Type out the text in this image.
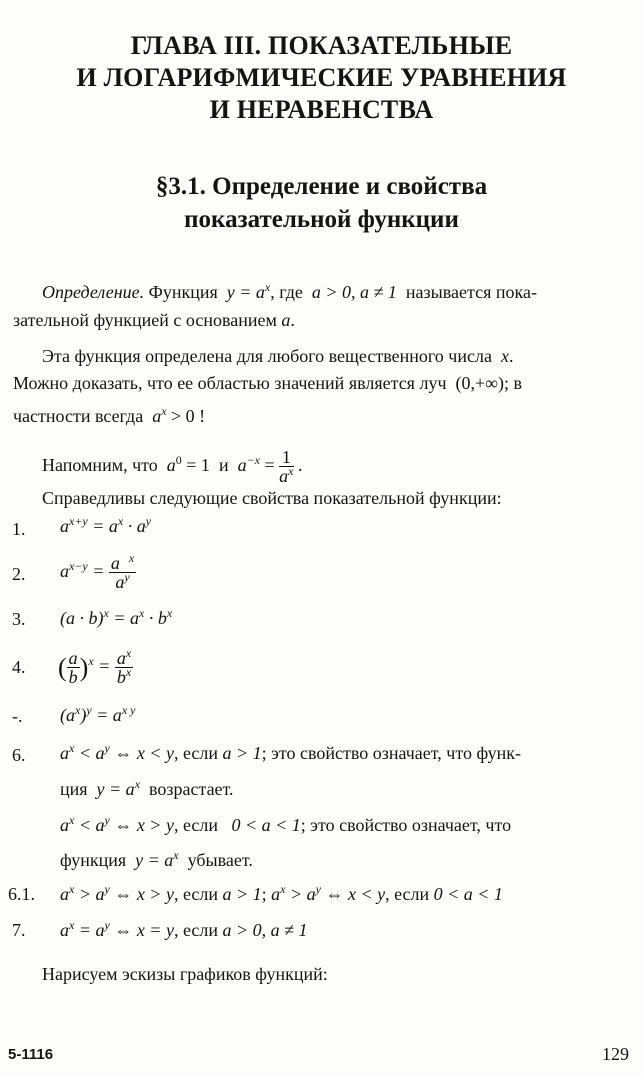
ГЛАВА III. ПОКАЗАТЕЛЬНЫЕ
И ЛОГАРИФМИЧЕСКИЕ УРАВНЕНИЯ
И НЕРАВЕНСТВА
§3.1. Определение и свойства
показательной функции
Определение. Функция $y = a^x$, где a > 0, a ≠ 1 называется пока-
зательной функцией с основанием a.
Эта функция определена для любого вещественного числа x.
Можно доказать, что ее областью значений является луч (0,+∞); в
частности всегда $a^x > 0$ !
Напомним, что $a^0 = 1$ и $a^{-x} = \frac{1}{a^x}$ .
Справедливы следующие свойства показательной функции:
1.
2.
3.
4.
-.
6.
6.1.
7.
$a^{x+y} = a^x \cdot a^y$
$a^{x-y} = \frac{a ^x}{a^y}$
$(a \cdot b)^x = a^x \cdot b^x$
( $\frac{a}{b} )^x = \frac{a^x}{b^x}$
$(a^x)^y = a^{x y}$
$a^x < a^y$ ⇔ x < y, если a > 1; это свойство означает, что функ-
ция $y = a^x$ возрастает.
$a^x < a^y$ ⇔ x > y, если 0 < a < 1; это свойство означает, что
функция $y = a^x$ убывает.
$a^x > a^y$ ⇔ x > y, если a > 1; $a^x > a^y$ ⇔ x < y, если 0 < a < 1
$a^x = a^y$ ⇔ x = y, если a > 0, a ≠ 1
Нарисуем эскизы графиков функций:
5-1116	129
